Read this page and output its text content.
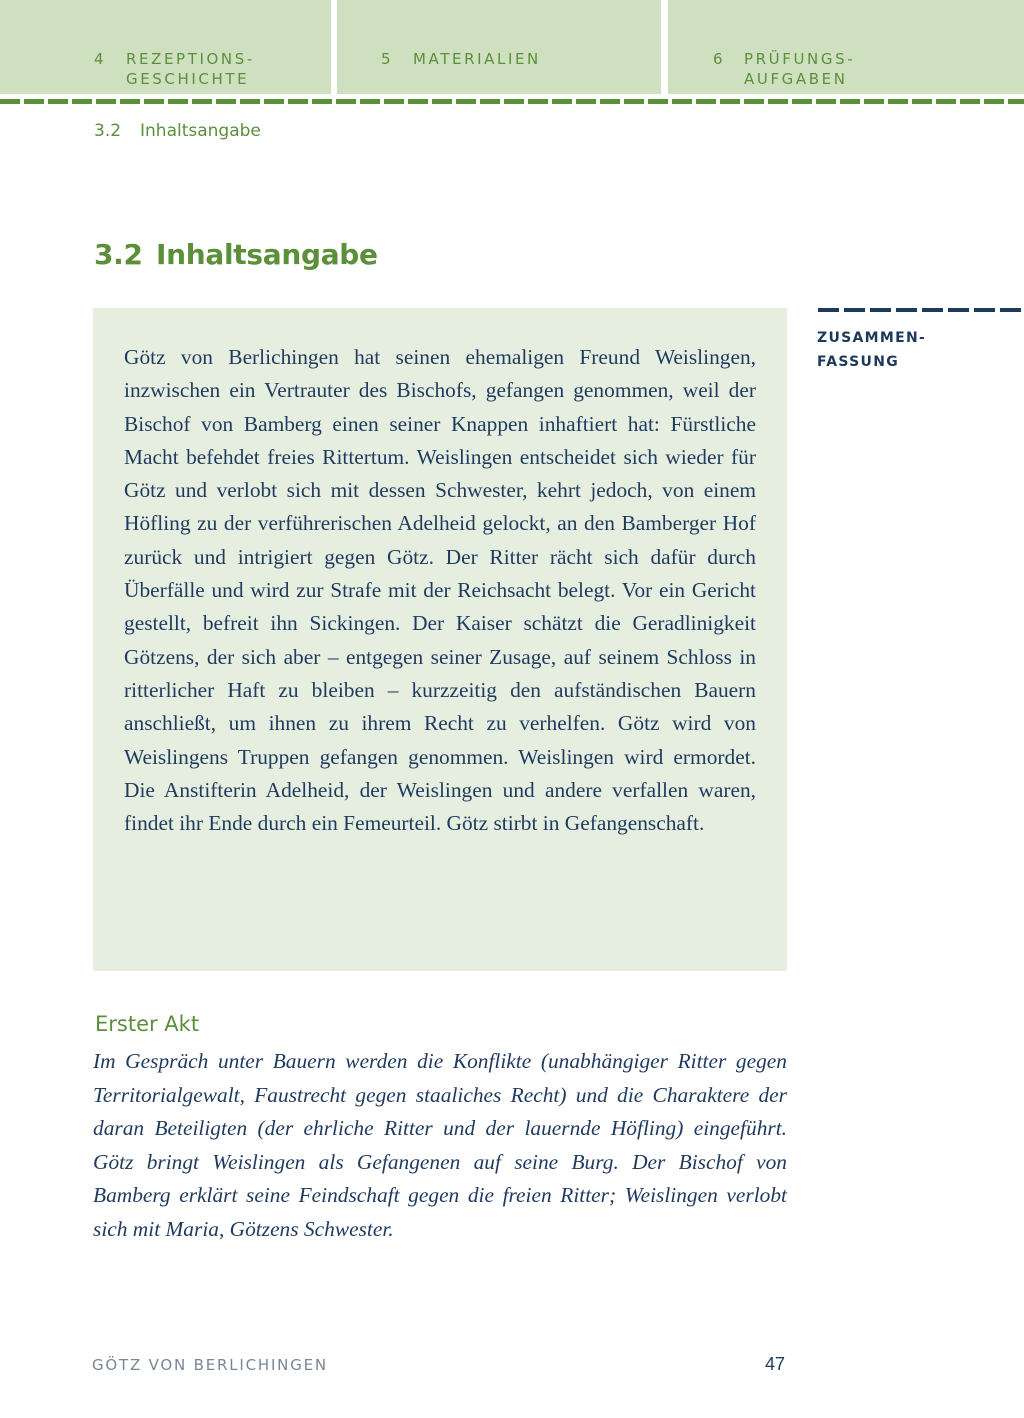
4 REZEPTIONS-
GESCHICHTE
5 MATERIALIEN	6 PRÜFUNGS-
AUFGABEN
3.2 Inhaltsangabe
3.2 Inhaltsangabe

Götz von Berlichingen hat seinen ehemaligen Freund Weislingen, inzwischen ein Vertrauter des Bischofs, gefangen genommen, weil der Bischof von Bamberg einen seiner Knappen inhaftiert hat: Fürstliche Macht befehdet freies Rittertum. Weislingen entscheidet sich wieder für Götz und verlobt sich mit dessen Schwester, kehrt jedoch, von einem Höfling zu der verführerischen Adelheid gelockt, an den Bamberger Hof zurück und intrigiert gegen Götz. Der Ritter rächt sich dafür durch Überfälle und wird zur Strafe mit der Reichsacht belegt. Vor ein Gericht gestellt, befreit ihn Sickingen. Der Kaiser schätzt die Geradlinigkeit Götzens, der sich aber – entgegen seiner Zusage, auf seinem Schloss in ritterlicher Haft zu bleiben – kurzzeitig den aufständischen Bauern anschließt, um ihnen zu ihrem Recht zu verhelfen. Götz wird von Weislingens Truppen gefangen genommen. Weislingen wird ermordet. Die Anstifterin Adelheid, der Weislingen und andere verfallen waren, findet ihr Ende durch ein Femeurteil. Götz stirbt in Gefangenschaft.

ZUSAMMEN-
FASSUNG
Erster Akt

Im Gespräch unter Bauern werden die Konflikte (unabhängiger Ritter gegen Territorialgewalt, Faustrecht gegen staaliches Recht) und die Charaktere der daran Beteiligten (der ehrliche Ritter und der lauernde Höfling) eingeführt. Götz bringt Weislingen als Gefangenen auf seine Burg. Der Bischof von Bamberg erklärt seine Feindschaft gegen die freien Ritter; Weislingen verlobt sich mit Maria, Götzens Schwester.

GÖTZ VON BERLICHINGEN	47
